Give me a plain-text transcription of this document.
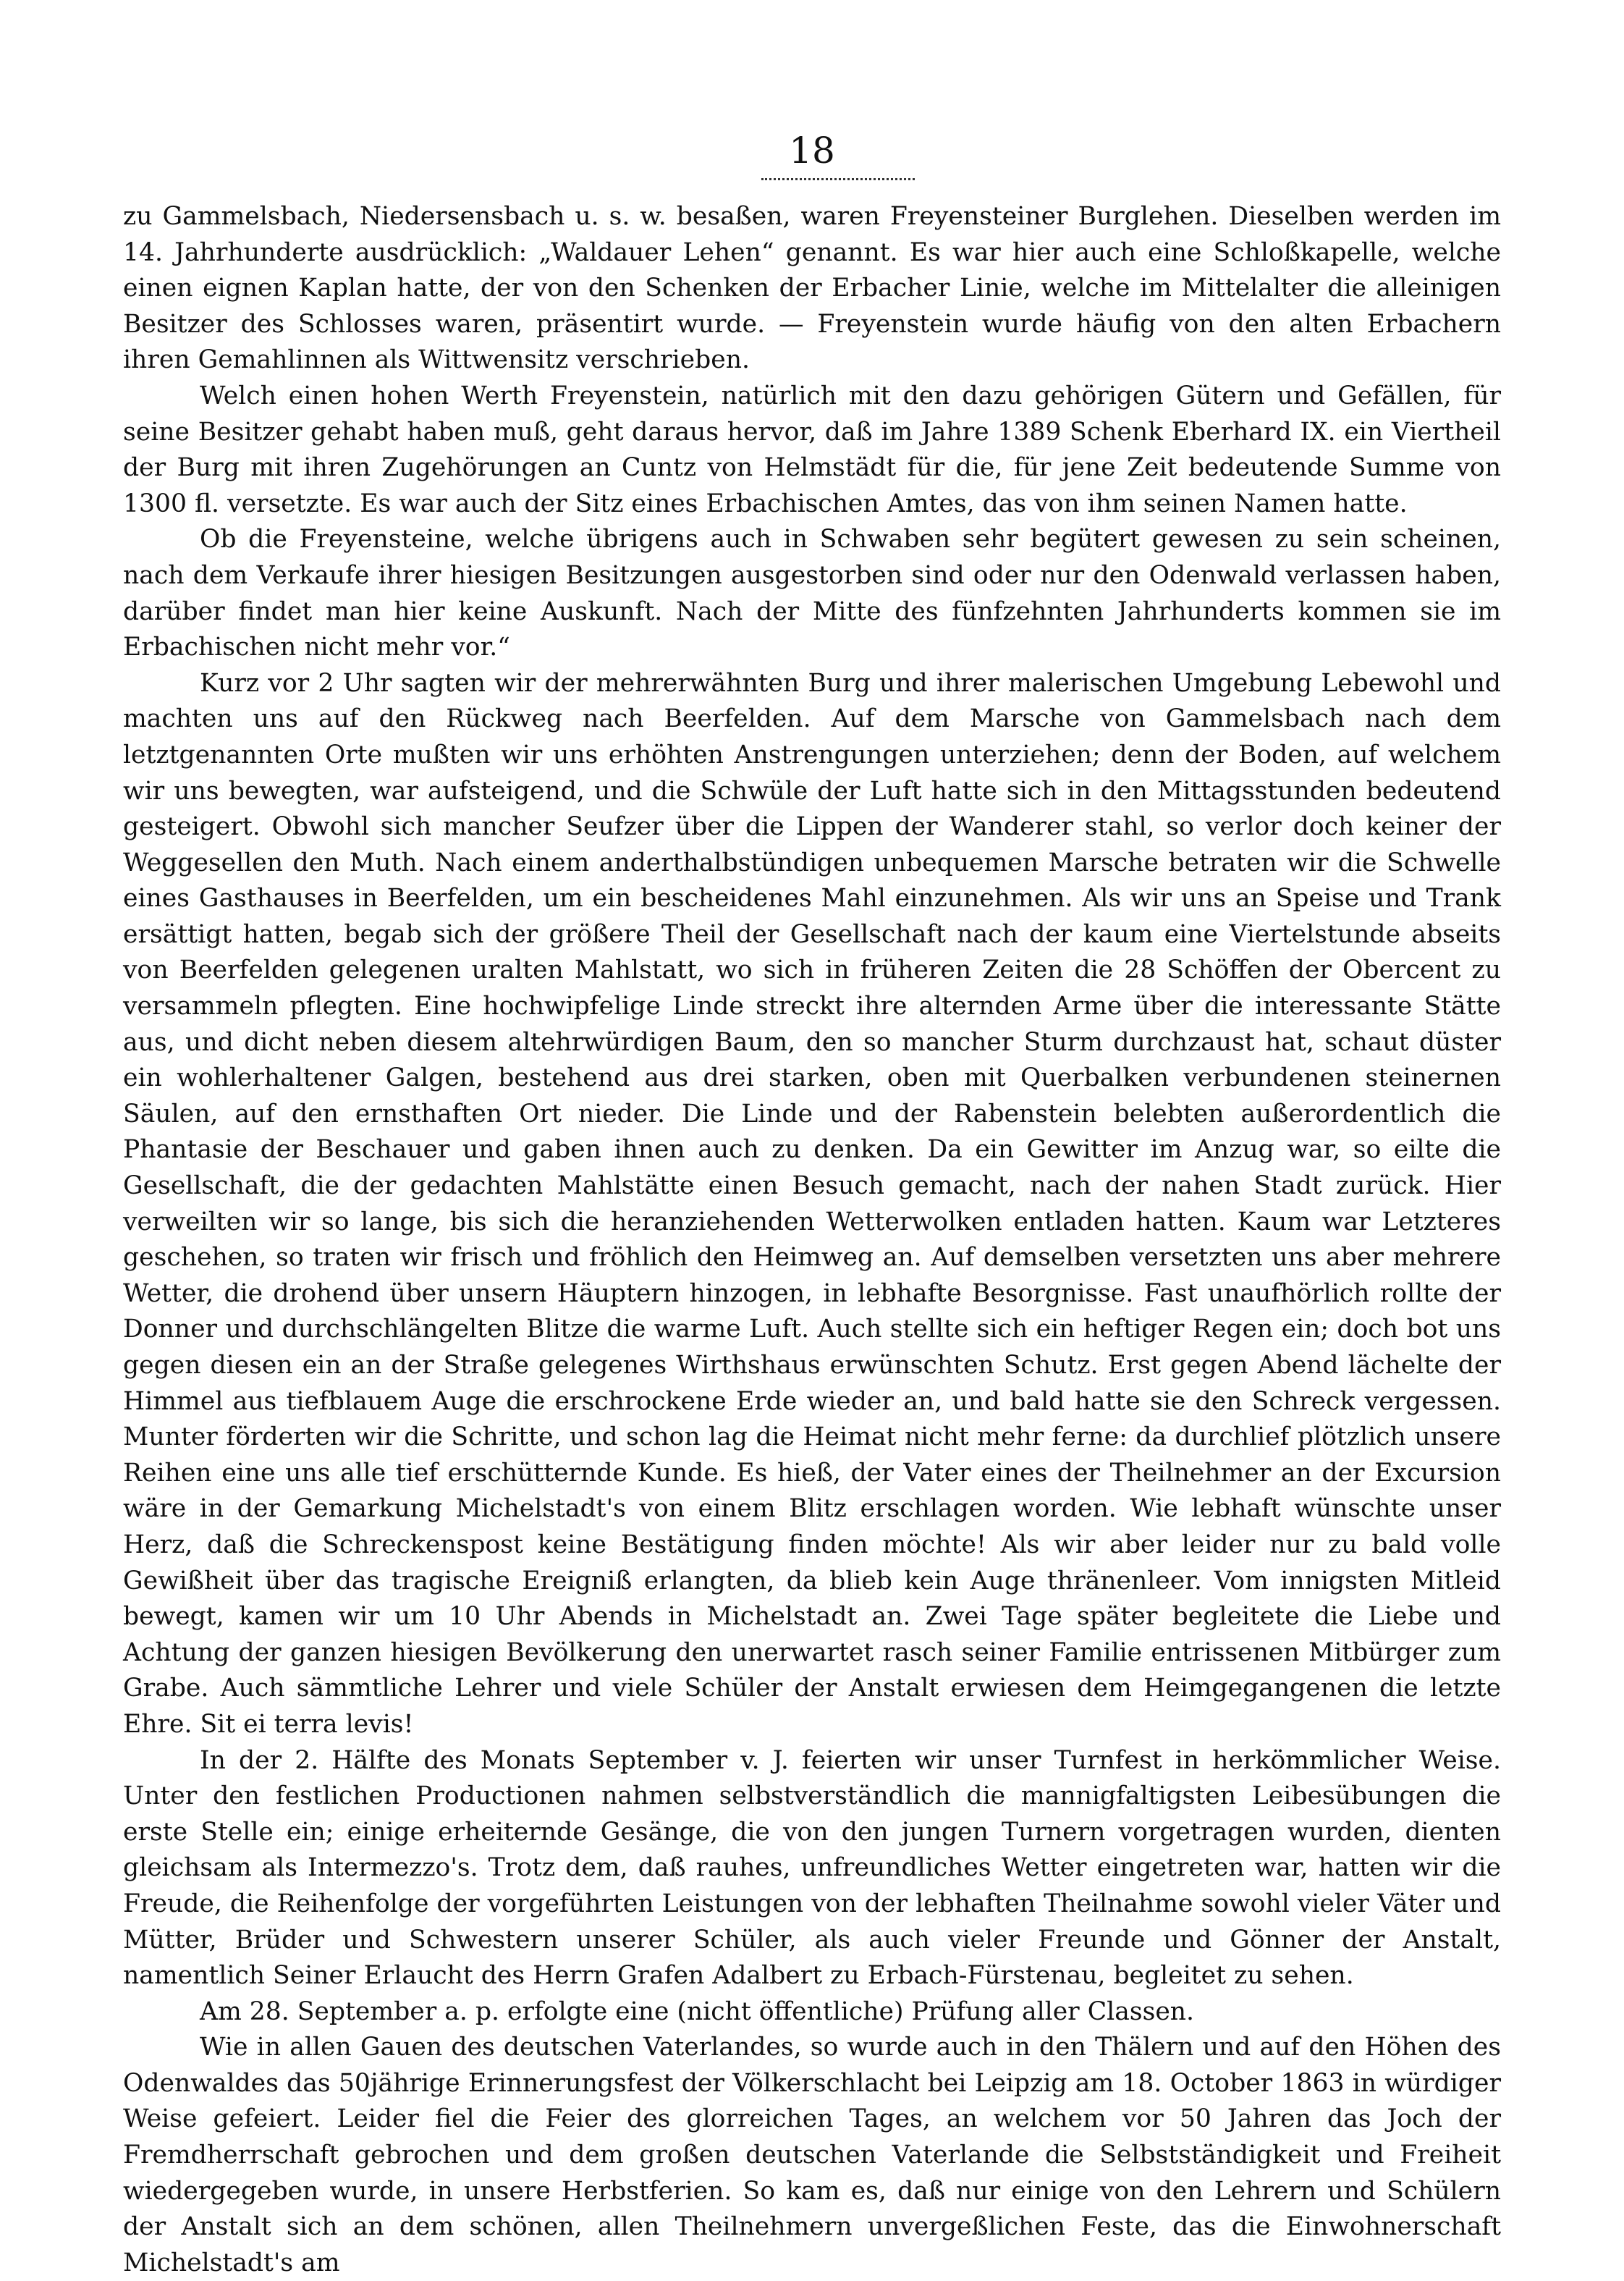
18

zu Gammelsbach, Niedersensbach u. s. w. besaßen, waren Freyensteiner Burglehen. Dieselben werden im 14. Jahrhunderte ausdrücklich: „Waldauer Lehen“ genannt. Es war hier auch eine Schloßkapelle, welche einen eignen Kaplan hatte, der von den Schenken der Erbacher Linie, welche im Mittelalter die alleinigen Besitzer des Schlosses waren, präsentirt wurde. — Freyenstein wurde häufig von den alten Erbachern ihren Gemahlinnen als Wittwensitz verschrieben.

Welch einen hohen Werth Freyenstein, natürlich mit den dazu gehörigen Gütern und Gefällen, für seine Besitzer gehabt haben muß, geht daraus hervor, daß im Jahre 1389 Schenk Eberhard IX. ein Viertheil der Burg mit ihren Zugehörungen an Cuntz von Helmstädt für die, für jene Zeit bedeutende Summe von 1300 fl. versetzte. Es war auch der Sitz eines Erbachischen Amtes, das von ihm seinen Namen hatte.

Ob die Freyensteine, welche übrigens auch in Schwaben sehr begütert gewesen zu sein scheinen, nach dem Verkaufe ihrer hiesigen Besitzungen ausgestorben sind oder nur den Odenwald verlassen haben, darüber findet man hier keine Auskunft. Nach der Mitte des fünfzehnten Jahrhunderts kommen sie im Erbachischen nicht mehr vor.“

Kurz vor 2 Uhr sagten wir der mehrerwähnten Burg und ihrer malerischen Umgebung Lebewohl und machten uns auf den Rückweg nach Beerfelden. Auf dem Marsche von Gammelsbach nach dem letztgenannten Orte mußten wir uns erhöhten Anstrengungen unterziehen; denn der Boden, auf welchem wir uns bewegten, war aufsteigend, und die Schwüle der Luft hatte sich in den Mittagsstunden bedeutend gesteigert. Obwohl sich mancher Seufzer über die Lippen der Wanderer stahl, so verlor doch keiner der Weggesellen den Muth. Nach einem anderthalbstündigen unbequemen Marsche betraten wir die Schwelle eines Gasthauses in Beerfelden, um ein bescheidenes Mahl einzunehmen. Als wir uns an Speise und Trank ersättigt hatten, begab sich der größere Theil der Gesellschaft nach der kaum eine Viertelstunde abseits von Beerfelden gelegenen uralten Mahlstatt, wo sich in früheren Zeiten die 28 Schöffen der Obercent zu versammeln pflegten. Eine hochwipfelige Linde streckt ihre alternden Arme über die interessante Stätte aus, und dicht neben diesem altehrwürdigen Baum, den so mancher Sturm durchzaust hat, schaut düster ein wohlerhaltener Galgen, bestehend aus drei starken, oben mit Querbalken verbundenen steinernen Säulen, auf den ernsthaften Ort nieder. Die Linde und der Rabenstein belebten außerordentlich die Phantasie der Beschauer und gaben ihnen auch zu denken. Da ein Gewitter im Anzug war, so eilte die Gesellschaft, die der gedachten Mahlstätte einen Besuch gemacht, nach der nahen Stadt zurück. Hier verweilten wir so lange, bis sich die heranziehenden Wetterwolken entladen hatten. Kaum war Letzteres geschehen, so traten wir frisch und fröhlich den Heimweg an. Auf demselben versetzten uns aber mehrere Wetter, die drohend über unsern Häuptern hinzogen, in lebhafte Besorgnisse. Fast unaufhörlich rollte der Donner und durchschlängelten Blitze die warme Luft. Auch stellte sich ein heftiger Regen ein; doch bot uns gegen diesen ein an der Straße gelegenes Wirthshaus erwünschten Schutz. Erst gegen Abend lächelte der Himmel aus tiefblauem Auge die erschrockene Erde wieder an, und bald hatte sie den Schreck vergessen. Munter förderten wir die Schritte, und schon lag die Heimat nicht mehr ferne: da durchlief plötzlich unsere Reihen eine uns alle tief erschütternde Kunde. Es hieß, der Vater eines der Theilnehmer an der Excursion wäre in der Gemarkung Michelstadt's von einem Blitz erschlagen worden. Wie lebhaft wünschte unser Herz, daß die Schreckenspost keine Bestätigung finden möchte! Als wir aber leider nur zu bald volle Gewißheit über das tragische Ereigniß erlangten, da blieb kein Auge thränenleer. Vom innigsten Mitleid bewegt, kamen wir um 10 Uhr Abends in Michelstadt an. Zwei Tage später begleitete die Liebe und Achtung der ganzen hiesigen Bevölkerung den unerwartet rasch seiner Familie entrissenen Mitbürger zum Grabe. Auch sämmtliche Lehrer und viele Schüler der Anstalt erwiesen dem Heimgegangenen die letzte Ehre. Sit ei terra levis!

In der 2. Hälfte des Monats September v. J. feierten wir unser Turnfest in herkömmlicher Weise. Unter den festlichen Productionen nahmen selbstverständlich die mannigfaltigsten Leibesübungen die erste Stelle ein; einige erheiternde Gesänge, die von den jungen Turnern vorgetragen wurden, dienten gleichsam als Intermezzo's. Trotz dem, daß rauhes, unfreundliches Wetter eingetreten war, hatten wir die Freude, die Reihenfolge der vorgeführten Leistungen von der lebhaften Theilnahme sowohl vieler Väter und Mütter, Brüder und Schwestern unserer Schüler, als auch vieler Freunde und Gönner der Anstalt, namentlich Seiner Erlaucht des Herrn Grafen Adalbert zu Erbach-Fürstenau, begleitet zu sehen.

Am 28. September a. p. erfolgte eine (nicht öffentliche) Prüfung aller Classen.

Wie in allen Gauen des deutschen Vaterlandes, so wurde auch in den Thälern und auf den Höhen des Odenwaldes das 50jährige Erinnerungsfest der Völkerschlacht bei Leipzig am 18. October 1863 in würdiger Weise gefeiert. Leider fiel die Feier des glorreichen Tages, an welchem vor 50 Jahren das Joch der Fremdherrschaft gebrochen und dem großen deutschen Vaterlande die Selbstständigkeit und Freiheit wiedergegeben wurde, in unsere Herbstferien. So kam es, daß nur einige von den Lehrern und Schülern der Anstalt sich an dem schönen, allen Theilnehmern unvergeßlichen Feste, das die Einwohnerschaft Michelstadt's am
